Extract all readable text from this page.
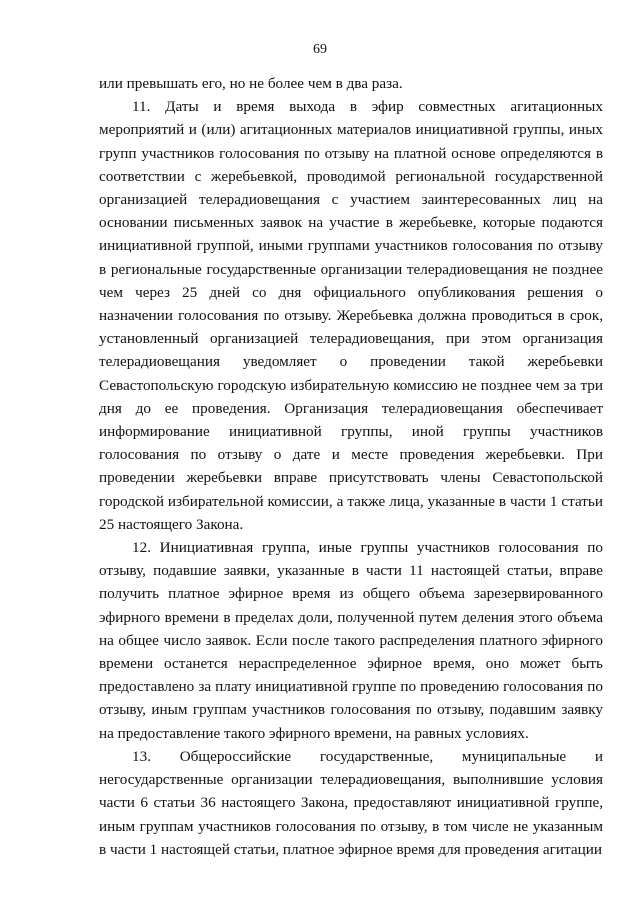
69

или превышать его, но не более чем в два раза.

11. Даты и время выхода в эфир совместных агитационных мероприятий и (или) агитационных материалов инициативной группы, иных групп участников голосования по отзыву на платной основе определяются в соответствии с жеребьевкой, проводимой региональной государственной организацией телерадиовещания с участием заинтересованных лиц на основании письменных заявок на участие в жеребьевке, которые подаются инициативной группой, иными группами участников голосования по отзыву в региональные государственные организации телерадиовещания не позднее чем через 25 дней со дня официального опубликования решения о назначении голосования по отзыву. Жеребьевка должна проводиться в срок, установленный организацией телерадиовещания, при этом организация телерадиовещания уведомляет о проведении такой жеребьевки Севастопольскую городскую избирательную комиссию не позднее чем за три дня до ее проведения. Организация телерадиовещания обеспечивает информирование инициативной группы, иной группы участников голосования по отзыву о дате и месте проведения жеребьевки. При проведении жеребьевки вправе присутствовать члены Севастопольской городской избирательной комиссии, а также лица, указанные в части 1 статьи 25 настоящего Закона.

12. Инициативная группа, иные группы участников голосования по отзыву, подавшие заявки, указанные в части 11 настоящей статьи, вправе получить платное эфирное время из общего объема зарезервированного эфирного времени в пределах доли, полученной путем деления этого объема на общее число заявок. Если после такого распределения платного эфирного времени останется нераспределенное эфирное время, оно может быть предоставлено за плату инициативной группе по проведению голосования по отзыву, иным группам участников голосования по отзыву, подавшим заявку на предоставление такого эфирного времени, на равных условиях.

13. Общероссийские государственные, муниципальные и негосударственные организации телерадиовещания, выполнившие условия части 6 статьи 36 настоящего Закона, предоставляют инициативной группе, иным группам участников голосования по отзыву, в том числе не указанным в части 1 настоящей статьи, платное эфирное время для проведения агитации
